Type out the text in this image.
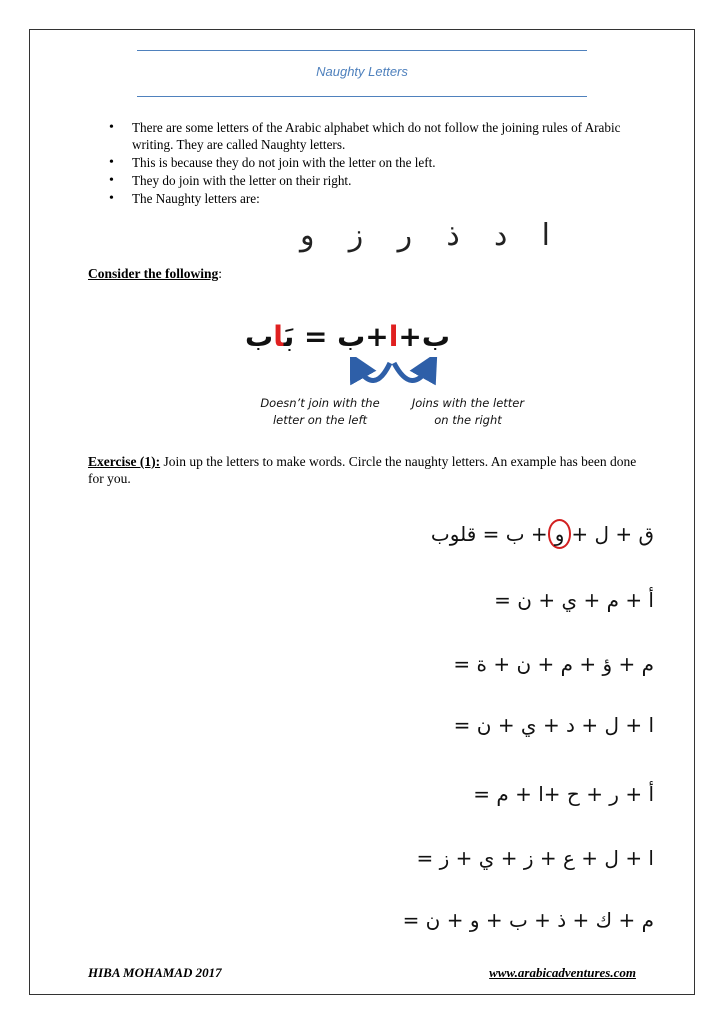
Naughty Letters
• There are some letters of the Arabic alphabet which do not follow the joining rules of Arabic writing. They are called Naughty letters.
• This is because they do not join with the letter on the left.
• They do join with the letter on their right.
• The Naughty letters are:
و ز ر ذ د ا
Consider the following:
ب+ا+ب = بَاب
Doesn’t join with the letter on the left
Joins with the letter on the right
Exercise (1): Join up the letters to make words. Circle the naughty letters. An example has been done for you.
ق + ل +و+ ب = قلوب
أ + م + ي + ن =
م + ؤ + م + ن + ة =
ا + ل + د + ي + ن =
أ + ر + ح +ا + م =
ا + ل + ع + ز + ي + ز =
م + ك + ذ + ب + و + ن =
HIBA MOHAMAD 2017	www.arabicadventures.com
